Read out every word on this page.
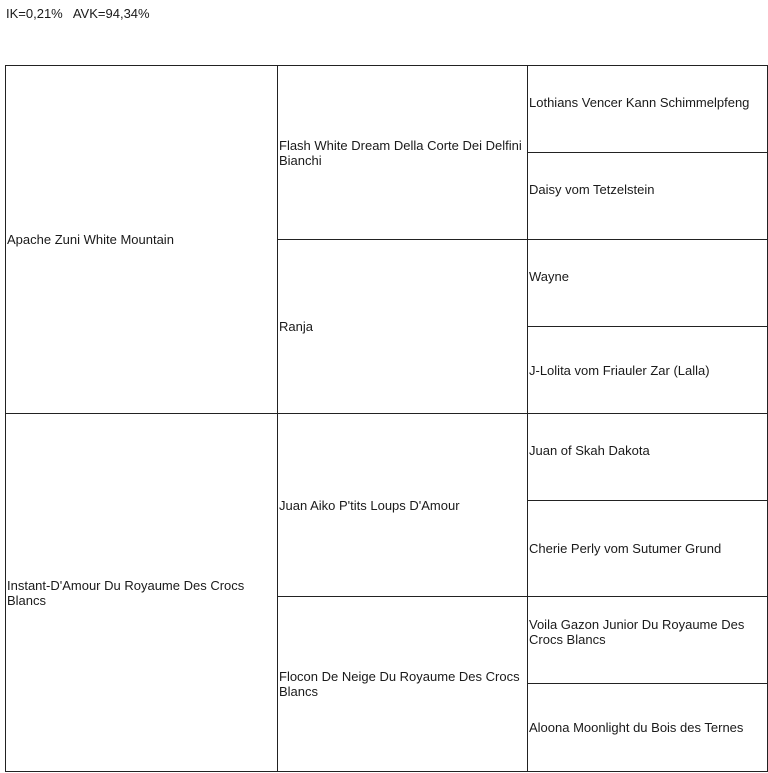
IK=0,21%   AVK=94,34%
Apache Zuni White Mountain
Instant-D'Amour Du Royaume Des Crocs Blancs
Flash White Dream Della Corte Dei Delfini Bianchi
Ranja
Juan Aiko P'tits Loups D'Amour
Flocon De Neige Du Royaume Des Crocs Blancs
Lothians Vencer Kann Schimmelpfeng
Daisy vom Tetzelstein
Wayne
J-Lolita vom Friauler Zar (Lalla)
Juan of Skah Dakota
Cherie Perly vom Sutumer Grund
Voila Gazon Junior Du Royaume Des Crocs Blancs
Aloona Moonlight du Bois des Ternes
